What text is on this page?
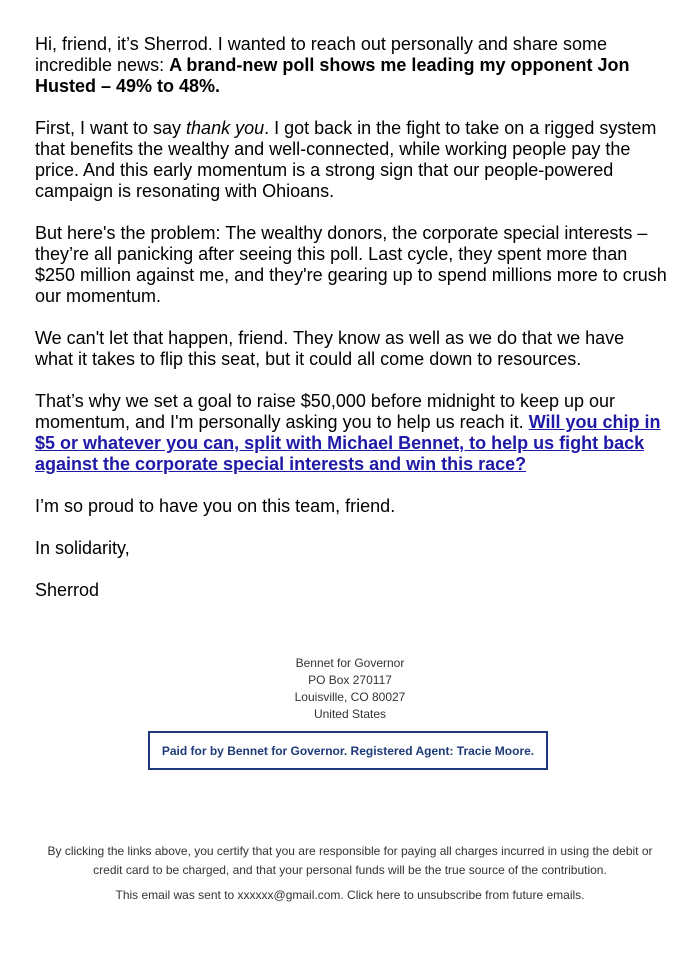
Hi, friend, it’s Sherrod. I wanted to reach out personally and share some incredible news: A brand-new poll shows me leading my opponent Jon Husted – 49% to 48%.

First, I want to say thank you. I got back in the fight to take on a rigged system that benefits the wealthy and well-connected, while working people pay the price. And this early momentum is a strong sign that our people-powered campaign is resonating with Ohioans.

But here's the problem: The wealthy donors, the corporate special interests – they’re all panicking after seeing this poll. Last cycle, they spent more than $250 million against me, and they're gearing up to spend millions more to crush our momentum.

We can't let that happen, friend. They know as well as we do that we have what it takes to flip this seat, but it could all come down to resources.

That’s why we set a goal to raise $50,000 before midnight to keep up our momentum, and I'm personally asking you to help us reach it. Will you chip in $5 or whatever you can, split with Michael Bennet, to help us fight back against the corporate special interests and win this race?

I’m so proud to have you on this team, friend.

In solidarity,

Sherrod

Bennet for Governor
PO Box 270117
Louisville, CO 80027
United States
Paid for by Bennet for Governor. Registered Agent: Tracie Moore.
By clicking the links above, you certify that you are responsible for paying all charges incurred in using the debit or credit card to be charged, and that your personal funds will be the true source of the contribution.
This email was sent to xxxxxx@gmail.com. Click here to unsubscribe from future emails.
